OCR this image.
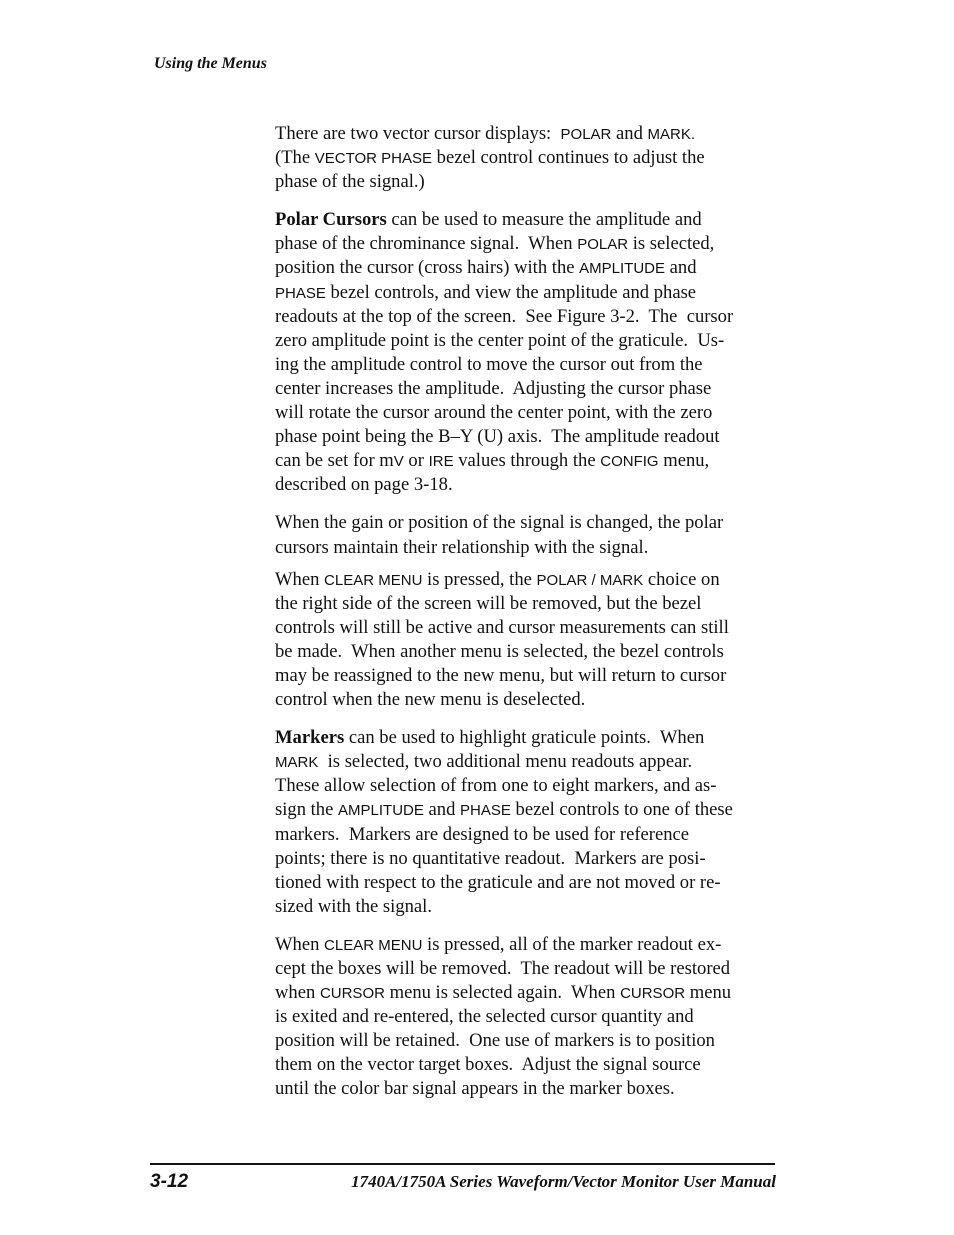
Using the Menus
There are two vector cursor displays:  POLAR and MARK.
(The VECTOR PHASE bezel control continues to adjust the
phase of the signal.)
Polar Cursors can be used to measure the amplitude and
phase of the chrominance signal.  When POLAR is selected,
position the cursor (cross hairs) with the AMPLITUDE and
PHASE bezel controls, and view the amplitude and phase
readouts at the top of the screen.  See Figure 3-2.  The  cursor
zero amplitude point is the center point of the graticule.  Us-
ing the amplitude control to move the cursor out from the
center increases the amplitude.  Adjusting the cursor phase
will rotate the cursor around the center point, with the zero
phase point being the B–Y (U) axis.  The amplitude readout
can be set for mV or IRE values through the CONFIG menu,
described on page 3-18.
When the gain or position of the signal is changed, the polar
cursors maintain their relationship with the signal.
When CLEAR MENU is pressed, the POLAR / MARK choice on
the right side of the screen will be removed, but the bezel
controls will still be active and cursor measurements can still
be made.  When another menu is selected, the bezel controls
may be reassigned to the new menu, but will return to cursor
control when the new menu is deselected.
Markers can be used to highlight graticule points.  When
MARK  is selected, two additional menu readouts appear.
These allow selection of from one to eight markers, and as-
sign the AMPLITUDE and PHASE bezel controls to one of these
markers.  Markers are designed to be used for reference
points; there is no quantitative readout.  Markers are posi-
tioned with respect to the graticule and are not moved or re-
sized with the signal.
When CLEAR MENU is pressed, all of the marker readout ex-
cept the boxes will be removed.  The readout will be restored
when CURSOR menu is selected again.  When CURSOR menu
is exited and re-entered, the selected cursor quantity and
position will be retained.  One use of markers is to position
them on the vector target boxes.  Adjust the signal source
until the color bar signal appears in the marker boxes.
3-12	1740A/1750A Series Waveform/Vector Monitor User Manual
